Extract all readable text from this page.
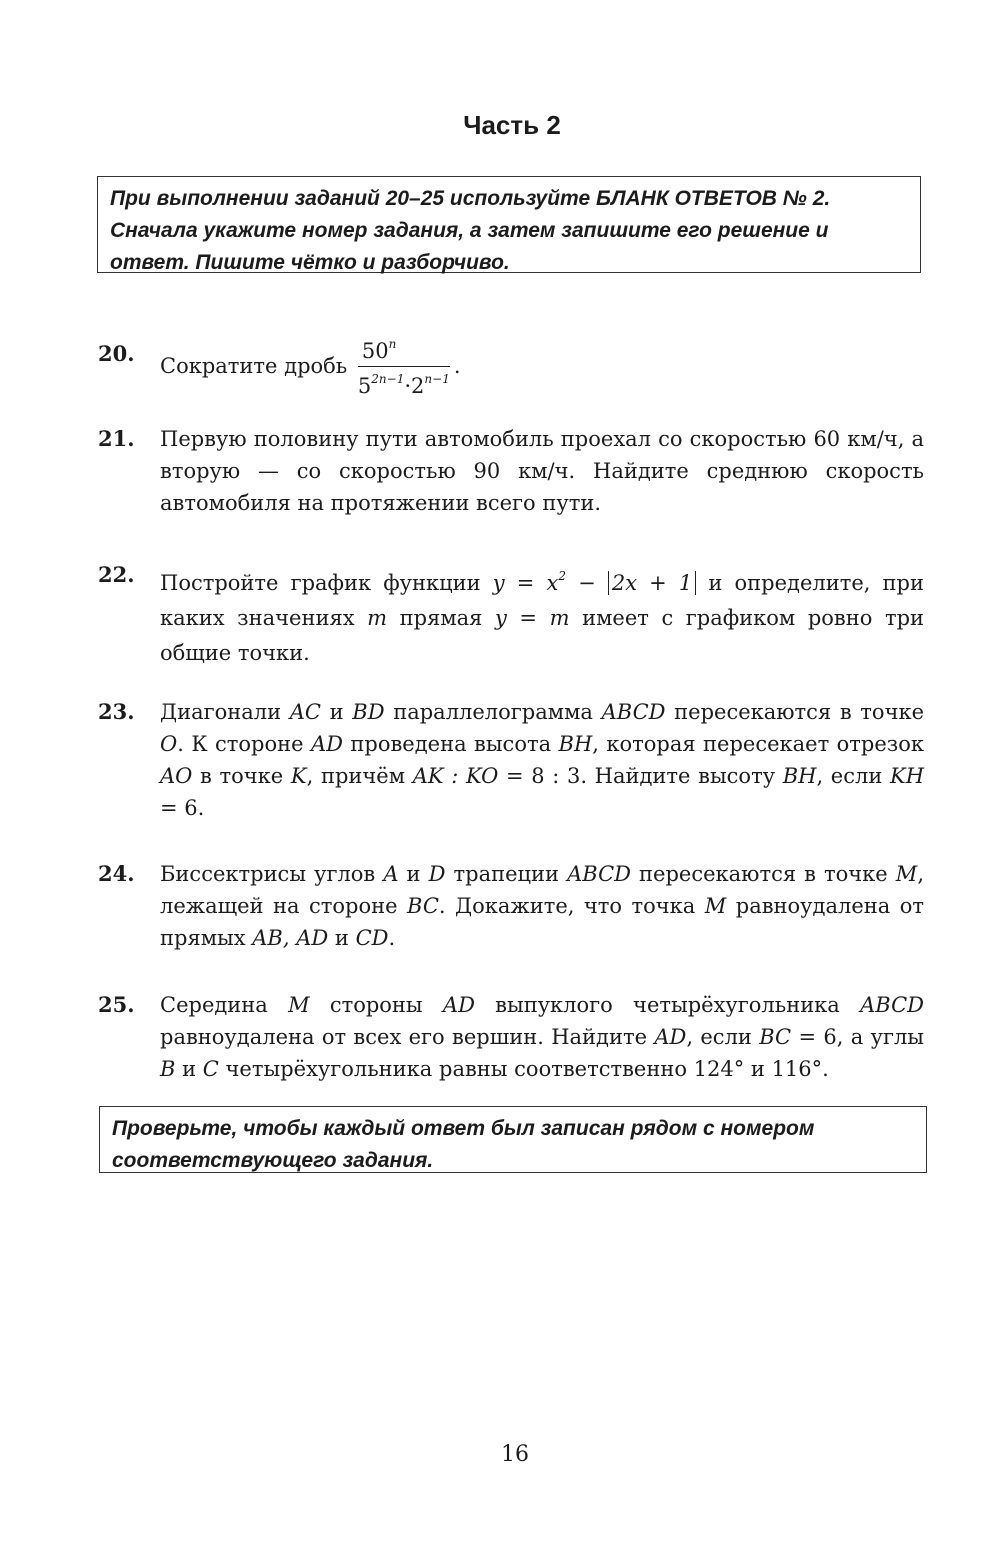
Часть 2
При выполнении заданий 20–25 используйте БЛАНК ОТВЕТОВ № 2. Сначала укажите номер задания, а затем запишите его решение и ответ. Пишите чётко и разборчиво.
20. Сократите дробь $\frac{50^n}{5^{2n-1}\cdot 2^{n-1}}$ .
21. Первую половину пути автомобиль проехал со скоростью 60 км/ч, а вторую — со скоростью 90 км/ч. Найдите среднюю скорость автомобиля на протяжении всего пути.
22. Постройте график функции $y = x^2 - 2x + 1$ и определите, при каких значениях m прямая y = m имеет с графиком ровно три общие точки.
23. Диагонали AC и BD параллелограмма ABCD пересекаются в точке O. К стороне AD проведена высота BH, которая пересекает отрезок AO в точке K, причём AK : KO = 8 : 3. Найдите высоту BH, если KH = 6.
24. Биссектрисы углов A и D трапеции ABCD пересекаются в точке M, лежащей на стороне BC. Докажите, что точка M равноудалена от прямых AB, AD и CD.
25. Середина M стороны AD выпуклого четырёхугольника ABCD равноудалена от всех его вершин. Найдите AD, если BC = 6, а углы B и C четырёхугольника равны соответственно 124° и 116°.
Проверьте, чтобы каждый ответ был записан рядом с номером соответствующего задания.
16
